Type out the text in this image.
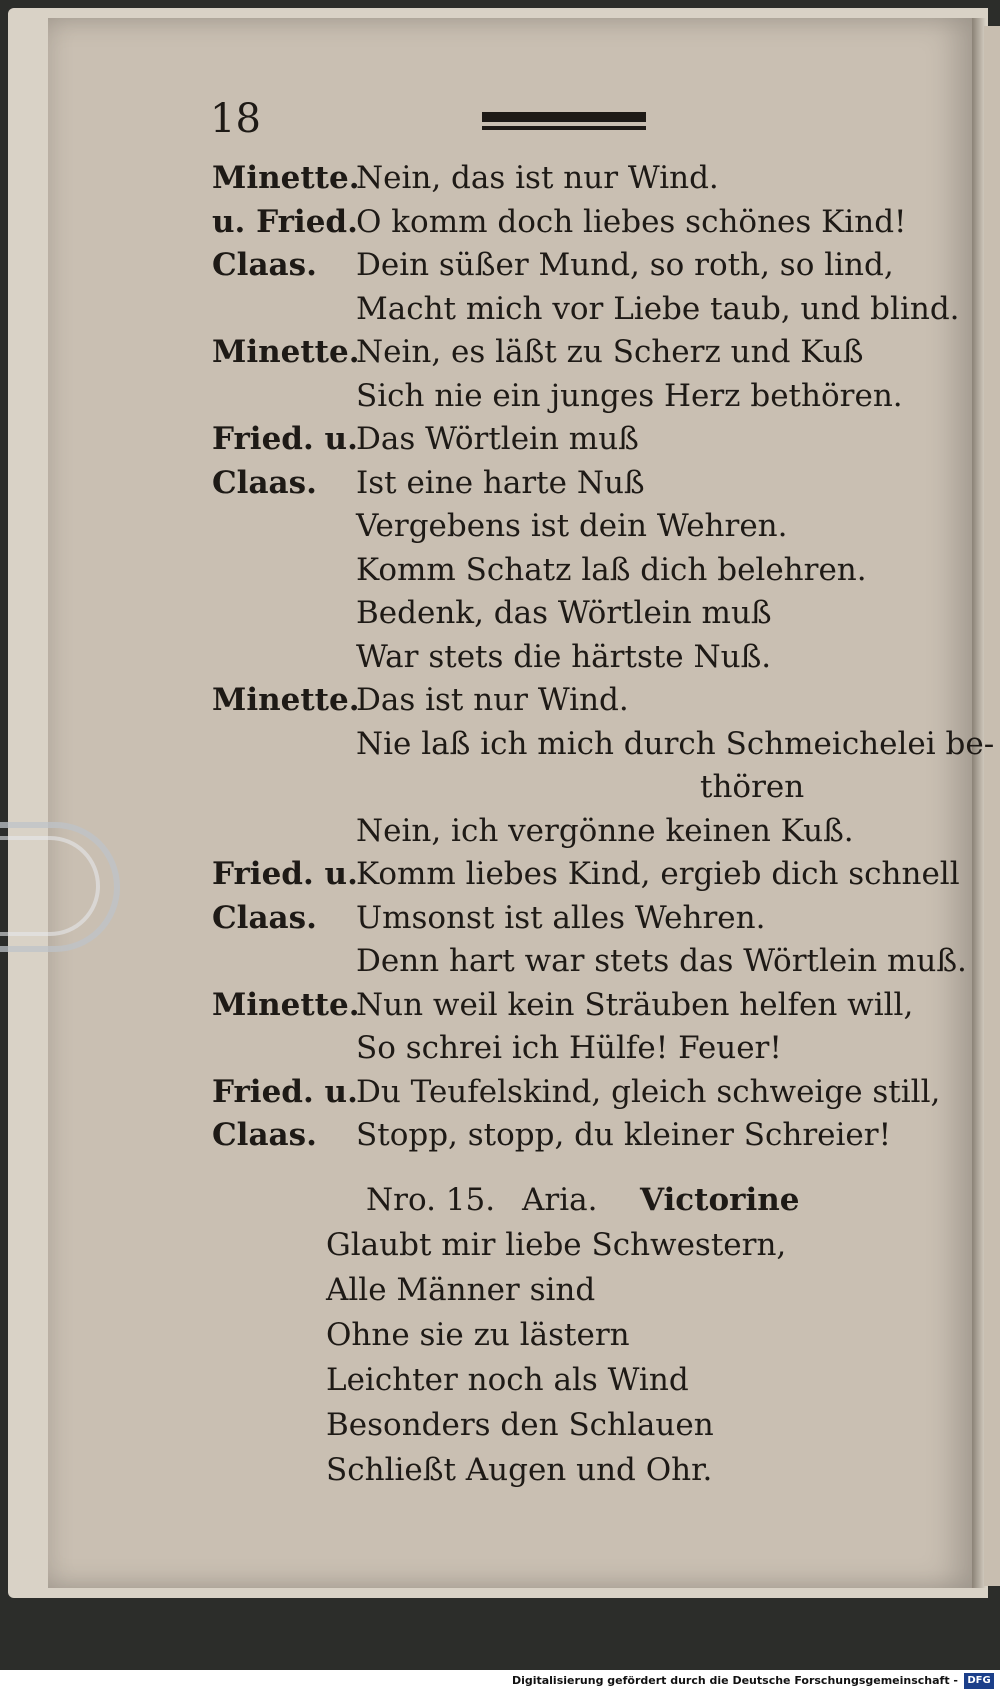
18
Minette.
Nein, das ist nur Wind.
u. Fried.
O komm doch liebes schönes Kind!
Claas. Dein süßer Mund, so roth, so lind,
Macht mich vor Liebe taub, und blind.
Minette.
Nein, es läßt zu Scherz und Kuß
Sich nie ein junges Herz bethören.
Fried. u.
Das Wörtlein muß
Claas. Ist eine harte Nuß
Vergebens ist dein Wehren.
Komm Schatz laß dich belehren.
Bedenk, das Wörtlein muß
War stets die härtste Nuß.
Minette.
Das ist nur Wind.
Nie laß ich mich durch Schmeichelei be-
thören
Nein, ich vergönne keinen Kuß.
Fried. u.
Komm liebes Kind, ergieb dich schnell
Claas. Umsonst ist alles Wehren.
Denn hart war stets das Wörtlein muß.
Minette.
Nun weil kein Sträuben helfen will,
So schrei ich Hülfe! Feuer!
Fried. u.
Du Teufelskind, gleich schweige still,
Claas. Stopp, stopp, du kleiner Schreier!
Nro. 15. Aria. Victorine
Glaubt mir liebe Schwestern,
Alle Männer sind
Ohne sie zu lästern
Leichter noch als Wind
Besonders den Schlauen
Schließt Augen und Ohr.
Digitalisierung gefördert durch die Deutsche Forschungsgemeinschaft - DFG
